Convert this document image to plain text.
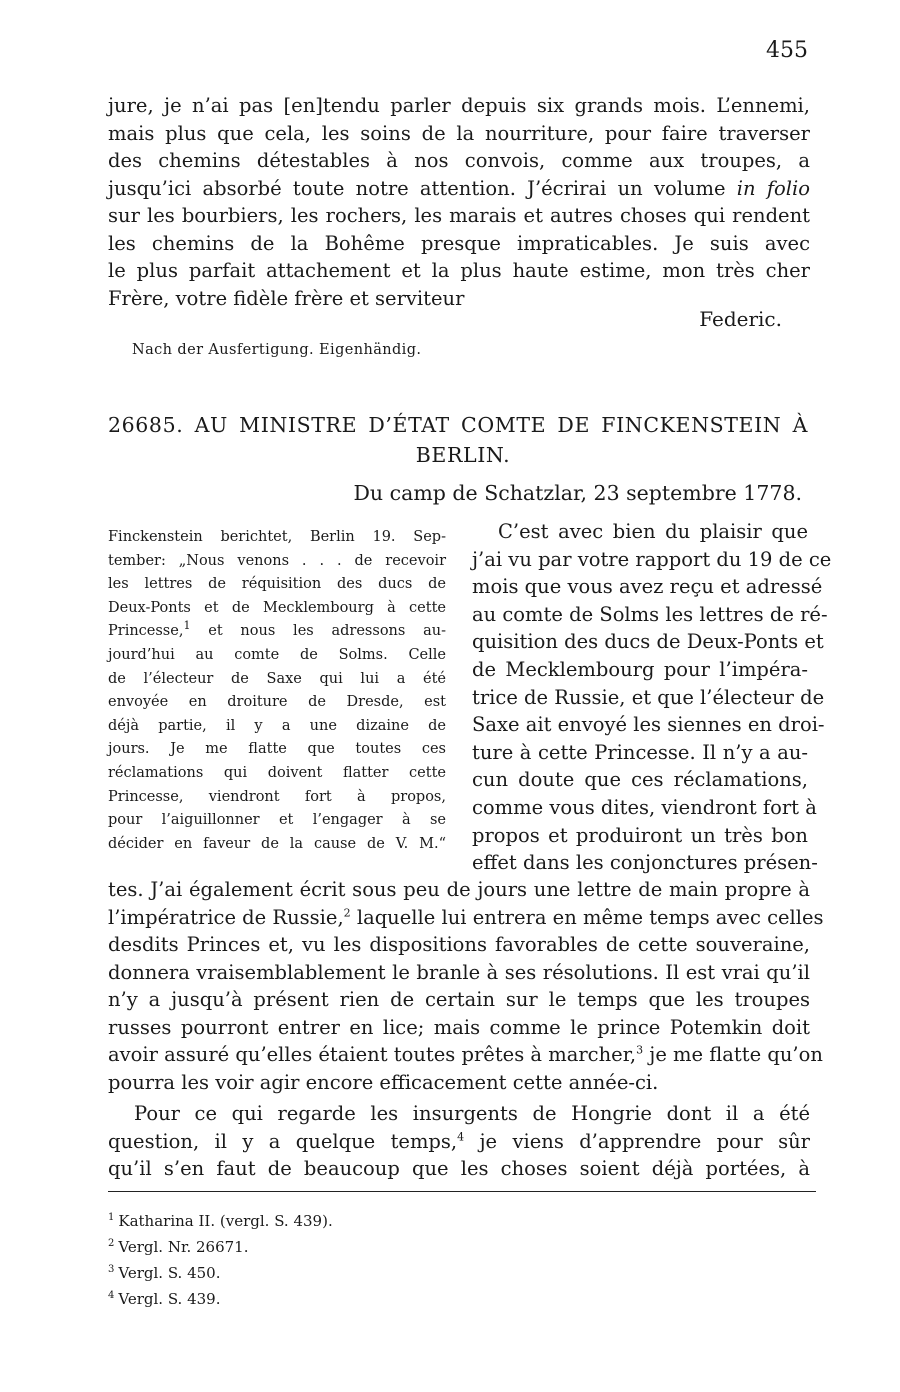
455
jure, je n’ai pas [en]tendu parler depuis six grands mois. L’ennemi,
mais plus que cela, les soins de la nourriture, pour faire traverser
des chemins détestables à nos convois, comme aux troupes, a
jusqu’ici absorbé toute notre attention. J’écrirai un volume in folio
sur les bourbiers, les rochers, les marais et autres choses qui rendent
les chemins de la Bohême presque impraticables. Je suis avec
le plus parfait attachement et la plus haute estime, mon très cher
Frère, votre fidèle frère et serviteur
Federic.
Nach der Ausfertigung. Eigenhändig.
26685. AU MINISTRE D’ÉTAT COMTE DE FINCKENSTEIN À
BERLIN.
Du camp de Schatzlar, 23 septembre 1778.
Finckenstein berichtet, Berlin 19. Sep-
tember: „Nous venons . . . de recevoir
les lettres de réquisition des ducs de
Deux-Ponts et de Mecklembourg à cette
Princesse,$^1$ et nous les adressons au-
jourd’hui au comte de Solms. Celle
de l’électeur de Saxe qui lui a été
envoyée en droiture de Dresde, est
déjà partie, il y a une dizaine de
jours. Je me flatte que toutes ces
réclamations qui doivent flatter cette
Princesse, viendront fort à propos,
pour l’aiguillonner et l’engager à se
décider en faveur de la cause de V. M.“
C’est avec bien du plaisir que
j’ai vu par votre rapport du 19 de ce
mois que vous avez reçu et adressé
au comte de Solms les lettres de ré-
quisition des ducs de Deux-Ponts et
de Mecklembourg pour l’impéra-
trice de Russie, et que l’électeur de
Saxe ait envoyé les siennes en droi-
ture à cette Princesse. Il n’y a au-
cun doute que ces réclamations,
comme vous dites, viendront fort à
propos et produiront un très bon
effet dans les conjonctures présen-
tes. J’ai également écrit sous peu de jours une lettre de main propre à
l’impératrice de Russie,$^2$ laquelle lui entrera en même temps avec celles
desdits Princes et, vu les dispositions favorables de cette souveraine,
donnera vraisemblablement le branle à ses résolutions. Il est vrai qu’il
n’y a jusqu’à présent rien de certain sur le temps que les troupes
russes pourront entrer en lice; mais comme le prince Potemkin doit
avoir assuré qu’elles étaient toutes prêtes à marcher,$^3$ je me flatte qu’on
pourra les voir agir encore efficacement cette année-ci.
Pour ce qui regarde les insurgents de Hongrie dont il a été
question, il y a quelque temps,$^4$ je viens d’apprendre pour sûr
qu’il s’en faut de beaucoup que les choses soient déjà portées, à
$^1$ Katharina II. (vergl. S. 439).
$^2$ Vergl. Nr. 26671.
$^3$ Vergl. S. 450.
$^4$ Vergl. S. 439.
